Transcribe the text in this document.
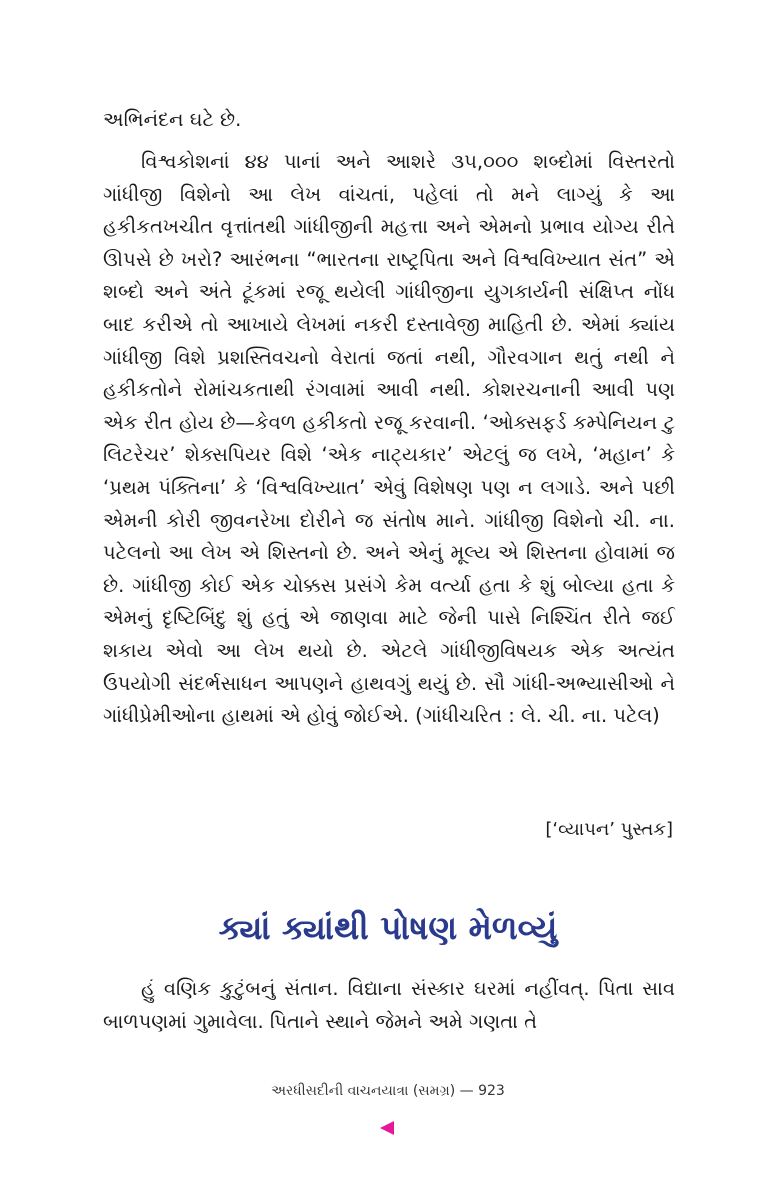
અભિનંદન ઘટે છે.

વિશ્વકોશનાં ૪૪ પાનાં અને આશરે ૩૫,૦૦૦ શબ્દોમાં વિસ્તરતો ગાંધીજી વિશેનો આ લેખ વાંચતાં, પહેલાં તો મને લાગ્યું કે આ હકીકતખચીત વૃત્તાંતથી ગાંધીજીની મહત્તા અને એમનો પ્રભાવ યોગ્ય રીતે ઊપસે છે ખરો? આરંભના “ભારતના રાષ્ટ્રપિતા અને વિશ્વવિખ્યાત સંત” એ શબ્દો અને અંતે ટૂંકમાં રજૂ થયેલી ગાંધીજીના યુગકાર્યની સંક્ષિપ્ત નોંધ બાદ કરીએ તો આખાયે લેખમાં નકરી દસ્તાવેજી માહિતી છે. એમાં ક્યાંય ગાંધીજી વિશે પ્રશસ્તિવચનો વેરાતાં જતાં નથી, ગૌરવગાન થતું નથી ને હકીકતોને રોમાંચકતાથી રંગવામાં આવી નથી. કોશરચનાની આવી પણ એક રીત હોય છે—કેવળ હકીકતો રજૂ કરવાની. ‘ઓક્સફર્ડ કમ્પેનિયન ટુ લિટરેચર’ શેક્સપિયર વિશે ‘એક નાટ્યકાર’ એટલું જ લખે, ‘મહાન’ કે ‘પ્રથમ પંક્તિના’ કે ‘વિશ્વવિખ્યાત’ એવું વિશેષણ પણ ન લગાડે. અને પછી એમની કોરી જીવનરેખા દોરીને જ સંતોષ માને. ગાંધીજી વિશેનો ચી. ના. પટેલનો આ લેખ એ શિસ્તનો છે. અને એનું મૂલ્ય એ શિસ્તના હોવામાં જ છે. ગાંધીજી કોઈ એક ચોક્કસ પ્રસંગે કેમ વર્ત્યા હતા કે શું બોલ્યા હતા કે એમનું દૃષ્ટિબિંદુ શું હતું એ જાણવા માટે જેની પાસે નિશ્ચિંત રીતે જઈ શકાય એવો આ લેખ થયો છે. એટલે ગાંધીજીવિષયક એક અત્યંત ઉપયોગી સંદર્ભસાધન આપણને હાથવગું થયું છે. સૌ ગાંધી-અભ્યાસીઓ ને ગાંધીપ્રેમીઓના હાથમાં એ હોવું જોઈએ. (ગાંધીચરિત : લે. ચી. ના. પટેલ)

[‘વ્યાપન’ પુસ્તક]

ક્યાં ક્યાંથી પોષણ મેળવ્યું

હું વણિક કુટુંબનું સંતાન. વિદ્યાના સંસ્કાર ઘરમાં નહીંવત્. પિતા સાવ બાળપણમાં ગુમાવેલા. પિતાને સ્થાને જેમને અમે ગણતા તે

અરધીસદીની વાચનયાત્રા (સમગ્ર) — 923
